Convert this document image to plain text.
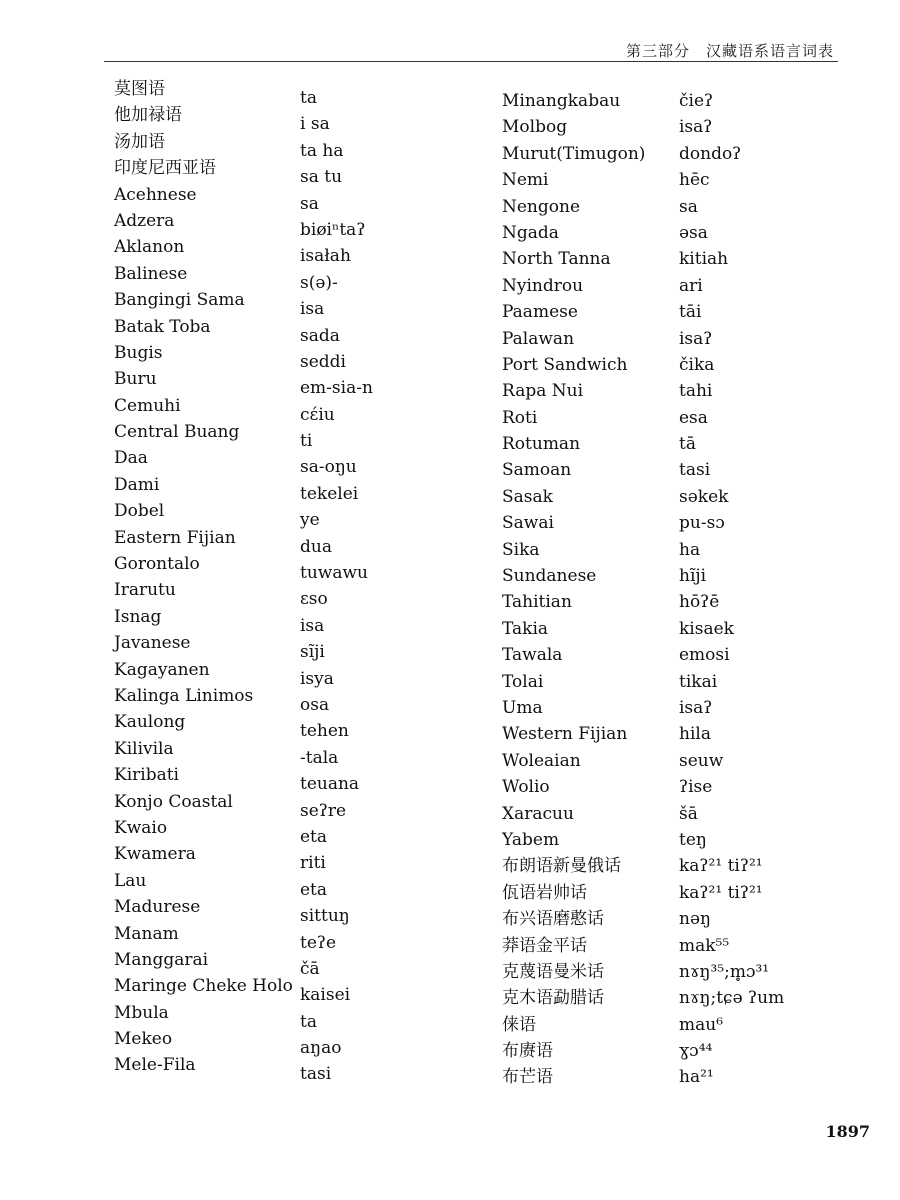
第三部分　汉藏语系语言词表
莫图语
他加禄语
汤加语
印度尼西亚语
Acehnese
Adzera
Aklanon
Balinese
Bangingi Sama
Batak Toba
Bugis
Buru
Cemuhi
Central Buang
Daa
Dami
Dobel
Eastern Fijian
Gorontalo
Irarutu
Isnag
Javanese
Kagayanen
Kalinga Linimos
Kaulong
Kilivila
Kiribati
Konjo Coastal
Kwaio
Kwamera
Lau
Madurese
Manam
Manggarai
Maringe Cheke Holo
Mbula
Mekeo
Mele-Fila
ta
i sa
ta ha
sa tu
sa
biøiⁿtaʔ
isałah
s(ə)-
isa
sada
seddi
em-sia-n
cɛ́iu
ti
sa-oŋu
tekelei
ye
dua
tuwawu
ɛso
isa
sĩji
isya
osa
tehen
-tala
teuana
seʔre
eta
riti
eta
sittuŋ
teʔe
čā
kaisei
ta
aŋao
tasi
Minangkabau
Molbog
Murut(Timugon)
Nemi
Nengone
Ngada
North Tanna
Nyindrou
Paamese
Palawan
Port Sandwich
Rapa Nui
Roti
Rotuman
Samoan
Sasak
Sawai
Sika
Sundanese
Tahitian
Takia
Tawala
Tolai
Uma
Western Fijian
Woleaian
Wolio
Xaracuu
Yabem
布朗语新曼俄话
佤语岩帅话
布兴语磨憨话
莽语金平话
克蔑语曼米话
克木语勐腊话
俫语
布赓语
布芒语
čieʔ
isaʔ
dondoʔ
hēc
sa
əsa
kitiah
ari
tāi
isaʔ
čika
tahi
esa
tā
tasi
səkek
pu-sɔ
ha
hĩji
hōʔē
kisaek
emosi
tikai
isaʔ
hila
seuw
ʔise
šā
teŋ
kaʔ²¹ tiʔ²¹
kaʔ²¹ tiʔ²¹
nəŋ
mak⁵⁵
nɤŋ³⁵;m̥ɔ³¹
nɤŋ;tɕə ʔum
mau⁶
ɣɔ⁴⁴
ha²¹
1897
